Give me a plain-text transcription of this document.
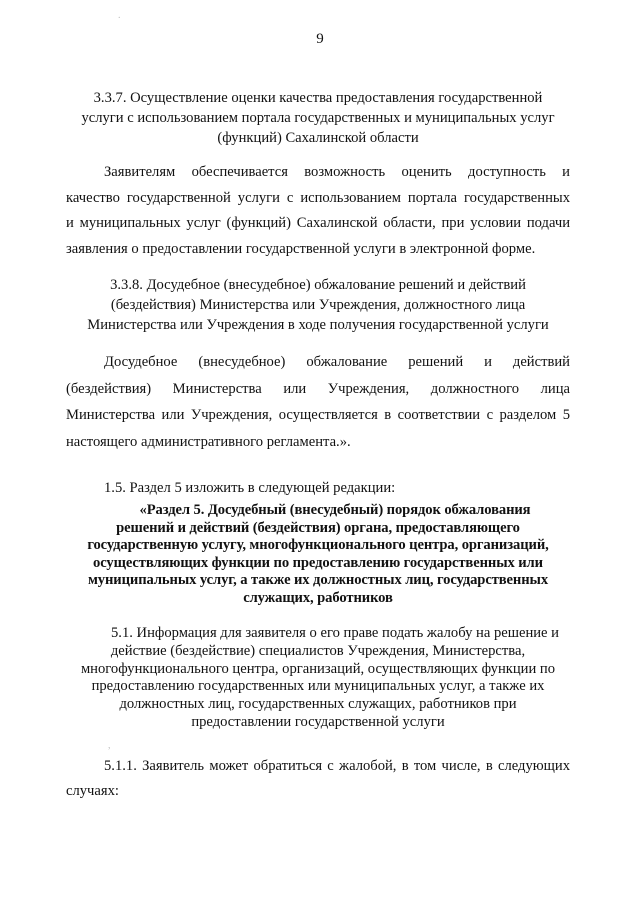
9
3.3.7. Осуществление оценки качества предоставления государственной
услуги с использованием портала государственных и муниципальных услуг
(функций) Сахалинской области
Заявителям обеспечивается возможность оценить доступность и
качество государственной услуги с использованием портала государственных
и муниципальных услуг (функций) Сахалинской области, при условии подачи
заявления о предоставлении государственной услуги в электронной форме.
3.3.8. Досудебное (внесудебное) обжалование решений и действий
(бездействия) Министерства или Учреждения, должностного лица
Министерства или Учреждения в ходе получения государственной услуги
Досудебное (внесудебное) обжалование решений и действий
(бездействия) Министерства или Учреждения, должностного лица
Министерства или Учреждения, осуществляется в соответствии с разделом 5
настоящего административного регламента.».
1.5. Раздел 5 изложить в следующей редакции:
«Раздел 5. Досудебный (внесудебный) порядок обжалования
решений и действий (бездействия) органа, предоставляющего
государственную услугу, многофункционального центра, организаций,
осуществляющих функции по предоставлению государственных или
муниципальных услуг, а также их должностных лиц, государственных
служащих, работников
5.1. Информация для заявителя о его праве подать жалобу на решение и
действие (бездействие) специалистов Учреждения, Министерства,
многофункционального центра, организаций, осуществляющих функции по
предоставлению государственных или муниципальных услуг, а также их
должностных лиц, государственных служащих, работников при
предоставлении государственной услуги
5.1.1. Заявитель может обратиться с жалобой, в том числе, в следующих
случаях:
,
.
